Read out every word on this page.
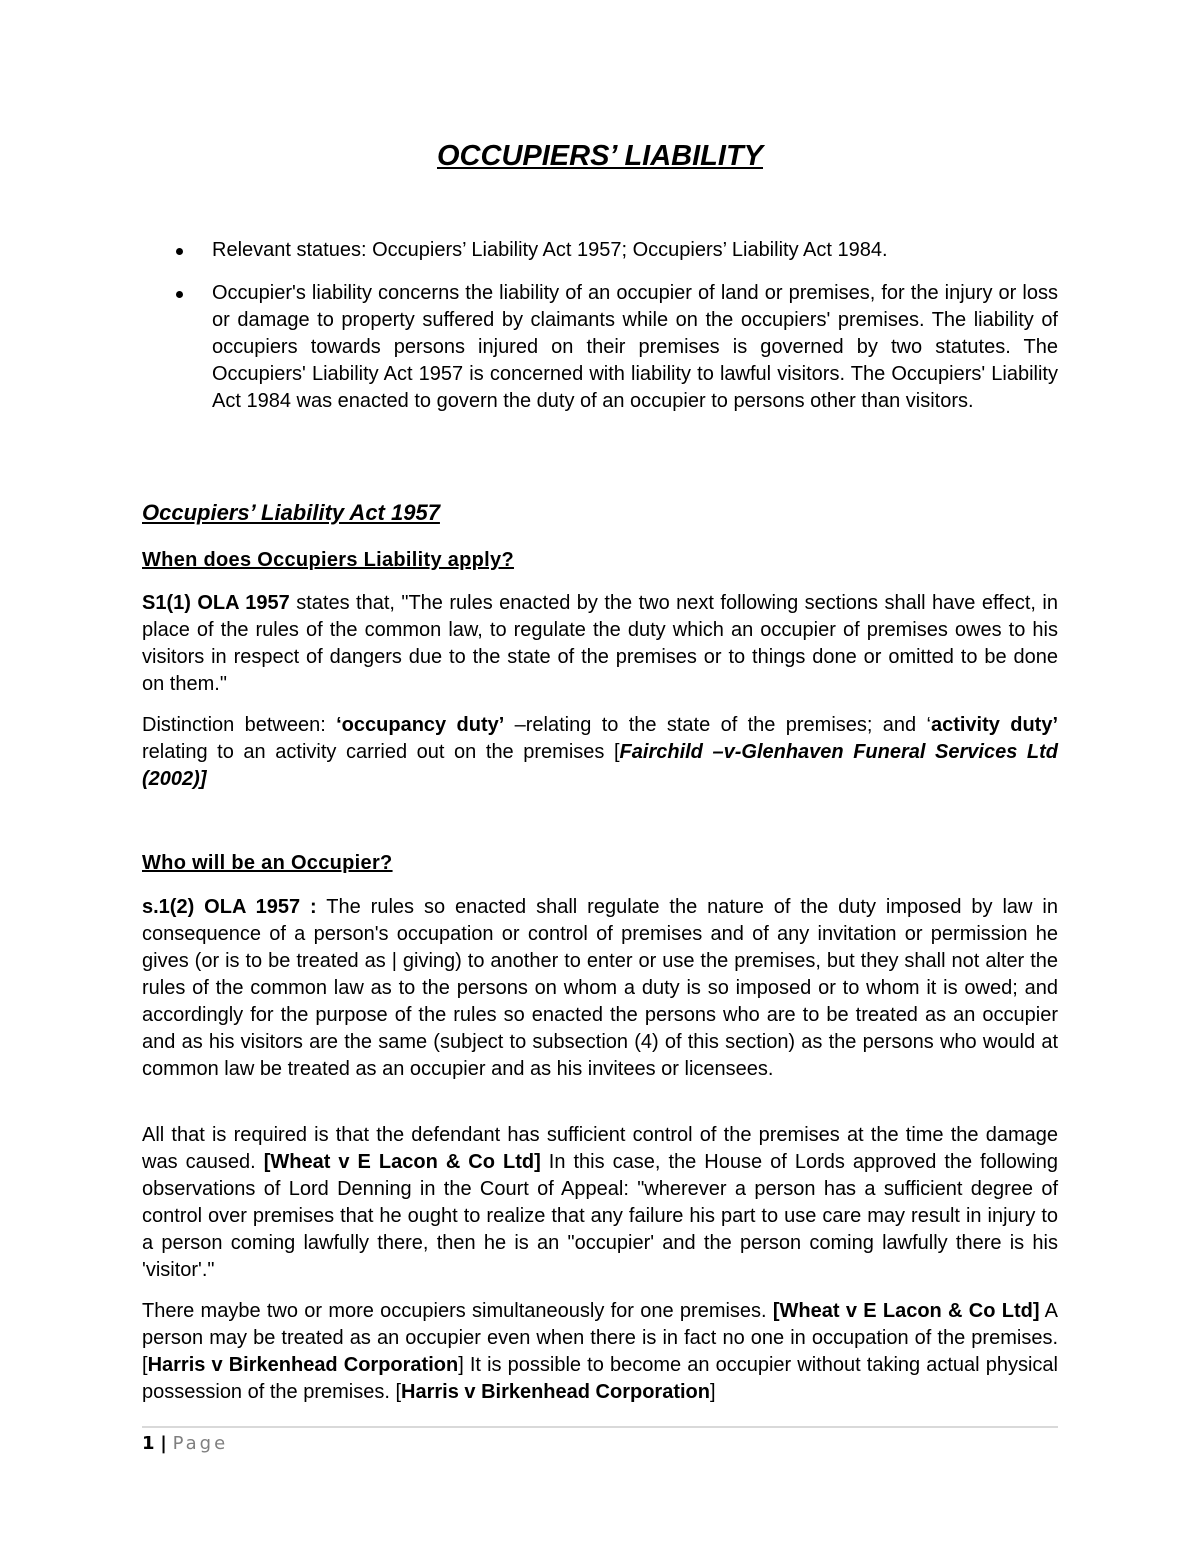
OCCUPIERS’ LIABILITY
Relevant statues: Occupiers’ Liability Act 1957; Occupiers’ Liability Act 1984.
Occupier's liability concerns the liability of an occupier of land or premises, for the injury or loss or damage to property suffered by claimants while on the occupiers' premises. The liability of occupiers towards persons injured on their premises is governed by two statutes. The Occupiers' Liability Act 1957 is concerned with liability to lawful visitors. The Occupiers' Liability Act 1984 was enacted to govern the duty of an occupier to persons other than visitors.
Occupiers’ Liability Act 1957
When does Occupiers Liability apply?

S1(1) OLA 1957 states that, "The rules enacted by the two next following sections shall have effect, in place of the rules of the common law, to regulate the duty which an occupier of premises owes to his visitors in respect of dangers due to the state of the premises or to things done or omitted to be done on them."

Distinction between: ‘occupancy duty’ –relating to the state of the premises; and ‘activity duty’ relating to an activity carried out on the premises [Fairchild –v-Glenhaven Funeral Services Ltd (2002)]

Who will be an Occupier?

s.1(2) OLA 1957 : The rules so enacted shall regulate the nature of the duty imposed by law in consequence of a person's occupation or control of premises and of any invitation or permission he gives (or is to be treated as | giving) to another to enter or use the premises, but they shall not alter the rules of the common law as to the persons on whom a duty is so imposed or to whom it is owed; and accordingly for the purpose of the rules so enacted the persons who are to be treated as an occupier and as his visitors are the same (subject to subsection (4) of this section) as the persons who would at common law be treated as an occupier and as his invitees or licensees.

All that is required is that the defendant has sufficient control of the premises at the time the damage was caused. [Wheat v E Lacon & Co Ltd] In this case, the House of Lords approved the following observations of Lord Denning in the Court of Appeal: "wherever a person has a sufficient degree of control over premises that he ought to realize that any failure his part to use care may result in injury to a person coming lawfully there, then he is an "occupier' and the person coming lawfully there is his 'visitor'."

There maybe two or more occupiers simultaneously for one premises. [Wheat v E Lacon & Co Ltd] A person may be treated as an occupier even when there is in fact no one in occupation of the premises. [Harris v Birkenhead Corporation] It is possible to become an occupier without taking actual physical possession of the premises. [Harris v Birkenhead Corporation]

1 | Page
